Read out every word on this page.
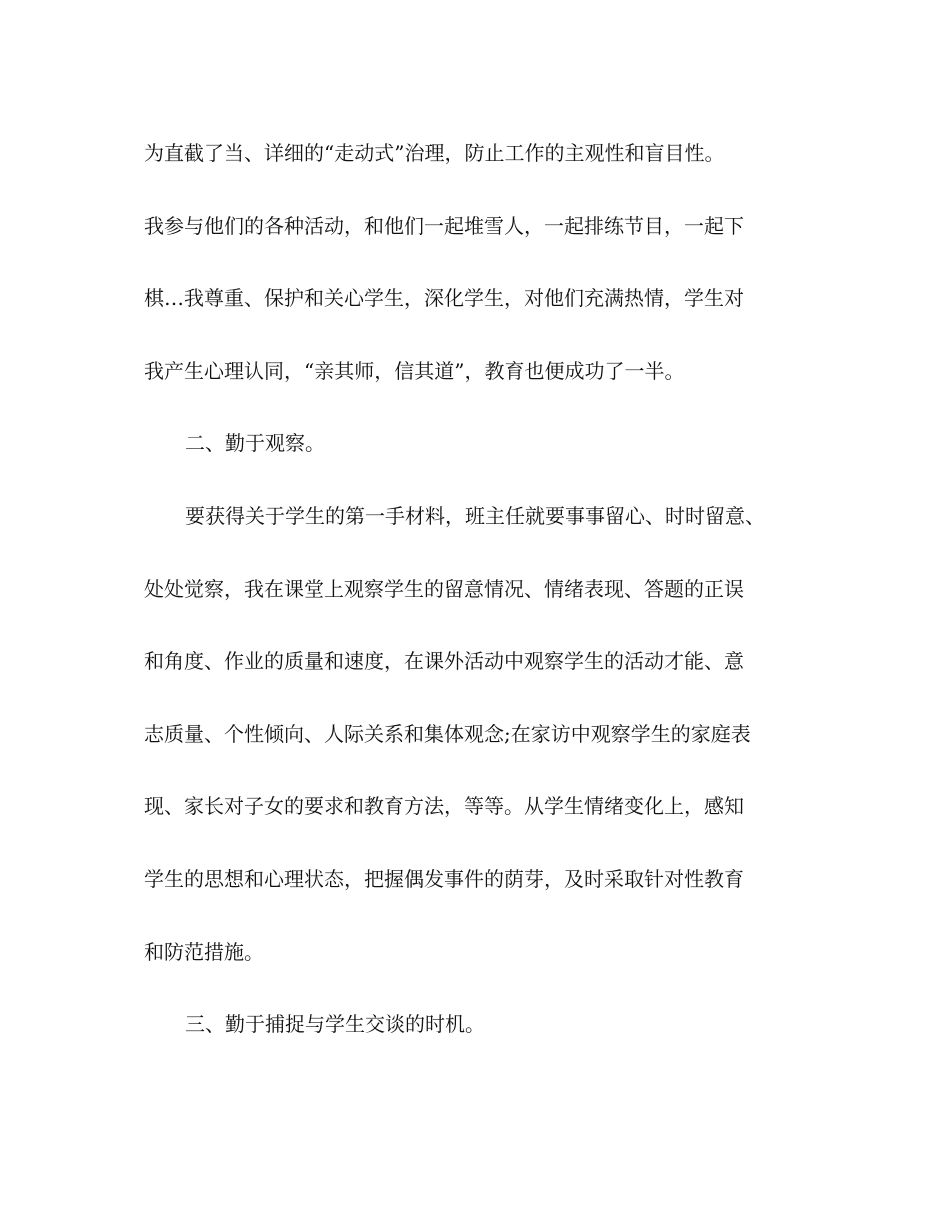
为直截了当、详细的“走动式”治理，防止工作的主观性和盲目性。
我参与他们的各种活动，和他们一起堆雪人，一起排练节目，一起下
棋…我尊重、保护和关心学生，深化学生，对他们充满热情，学生对
我产生心理认同，“亲其师，信其道”，教育也便成功了一半。
二、勤于观察。
要获得关于学生的第一手材料，班主任就要事事留心、时时留意、
处处觉察，我在课堂上观察学生的留意情况、情绪表现、答题的正误
和角度、作业的质量和速度，在课外活动中观察学生的活动才能、意
志质量、个性倾向、人际关系和集体观念;在家访中观察学生的家庭表
现、家长对子女的要求和教育方法，等等。从学生情绪变化上，感知
学生的思想和心理状态，把握偶发事件的荫芽，及时采取针对性教育
和防范措施。
三、勤于捕捉与学生交谈的时机。
